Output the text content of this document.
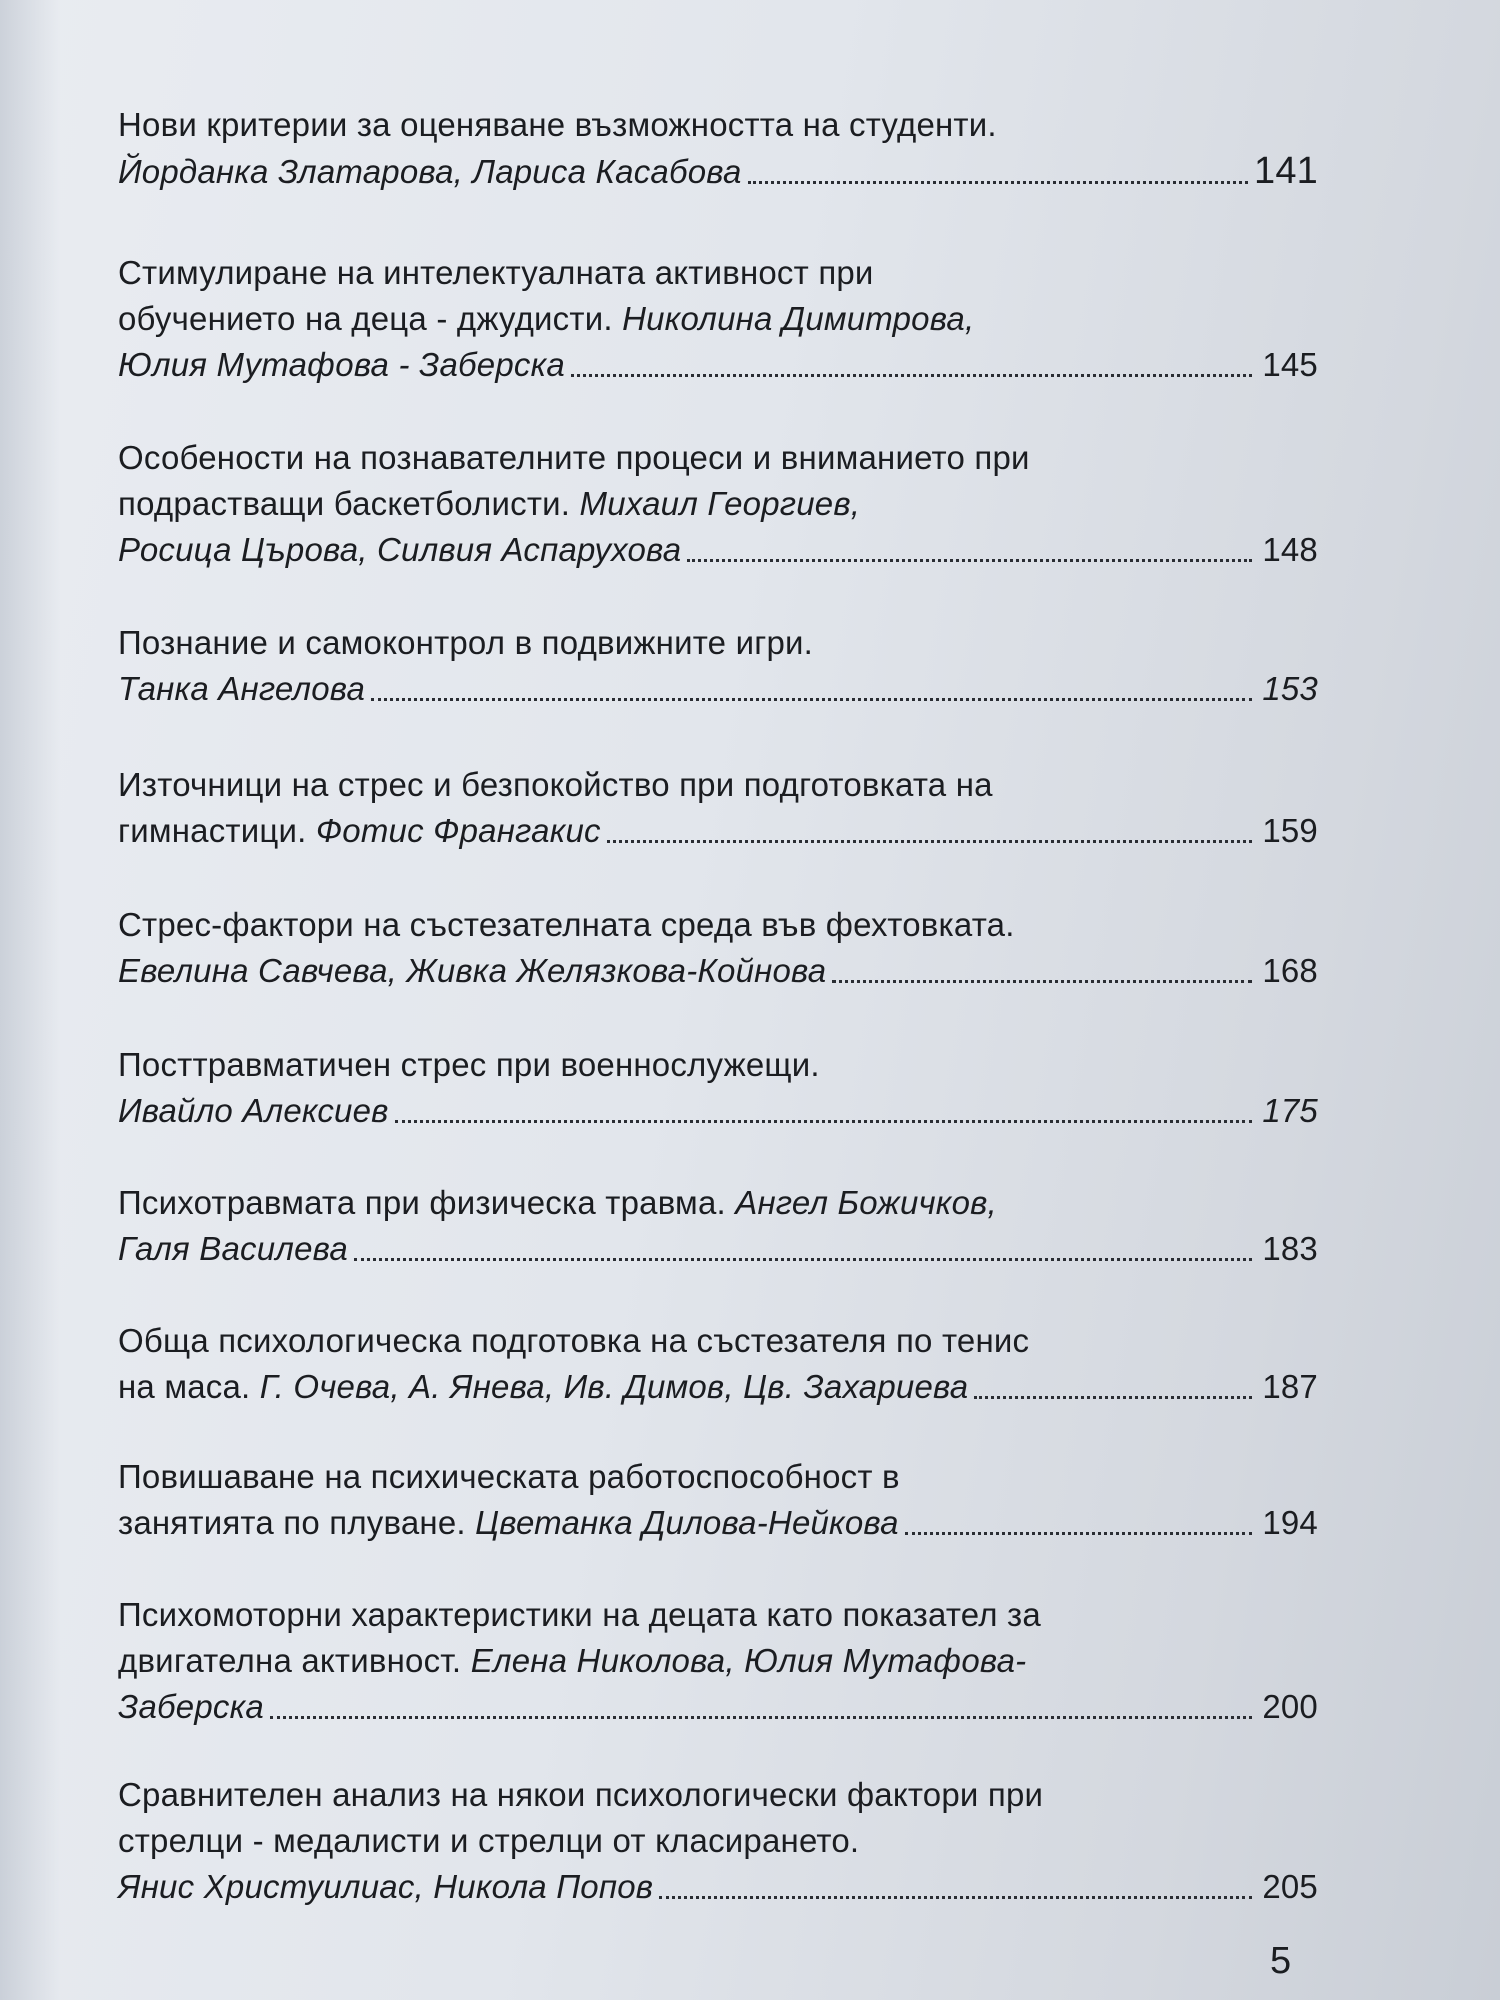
Нови критерии за оценяване възможността на студенти.
Йорданка Златарова, Лариса Касабова	141
Стимулиране на интелектуалната активност при
обучението на деца - джудисти. Николина Димитрова,
Юлия Мутафова - Заберска	145
Особености на познавателните процеси и вниманието при
подрастващи баскетболисти. Михаил Георгиев,
Росица Църова, Силвия Аспарухова	148
Познание и самоконтрол в подвижните игри.
Танка Ангелова	153
Източници на стрес и безпокойство при подготовката на
гимнастици. Фотис Франгакис	159
Стрес-фактори на състезателната среда във фехтовката.
Евелина Савчева, Живка Желязкова-Койнова	168
Посттравматичен стрес при военнослужещи.
Ивайло Алексиев	175
Психотравмата при физическа травма. Ангел Божичков,
Галя Василева	183
Обща психологическа подготовка на състезателя по тенис
на маса. Г. Очева, А. Янева, Ив. Димов, Цв. Захариева	187
Повишаване на психическата работоспособност в
занятията по плуване. Цветанка Дилова-Нейкова	194
Психомоторни характеристики на децата като показател за
двигателна активност. Елена Николова, Юлия Мутафова-
Заберска	200
Сравнителен анализ на някои психологически фактори при
стрелци - медалисти и стрелци от класирането.
Янис Христуилиас, Никола Попов	205
5
